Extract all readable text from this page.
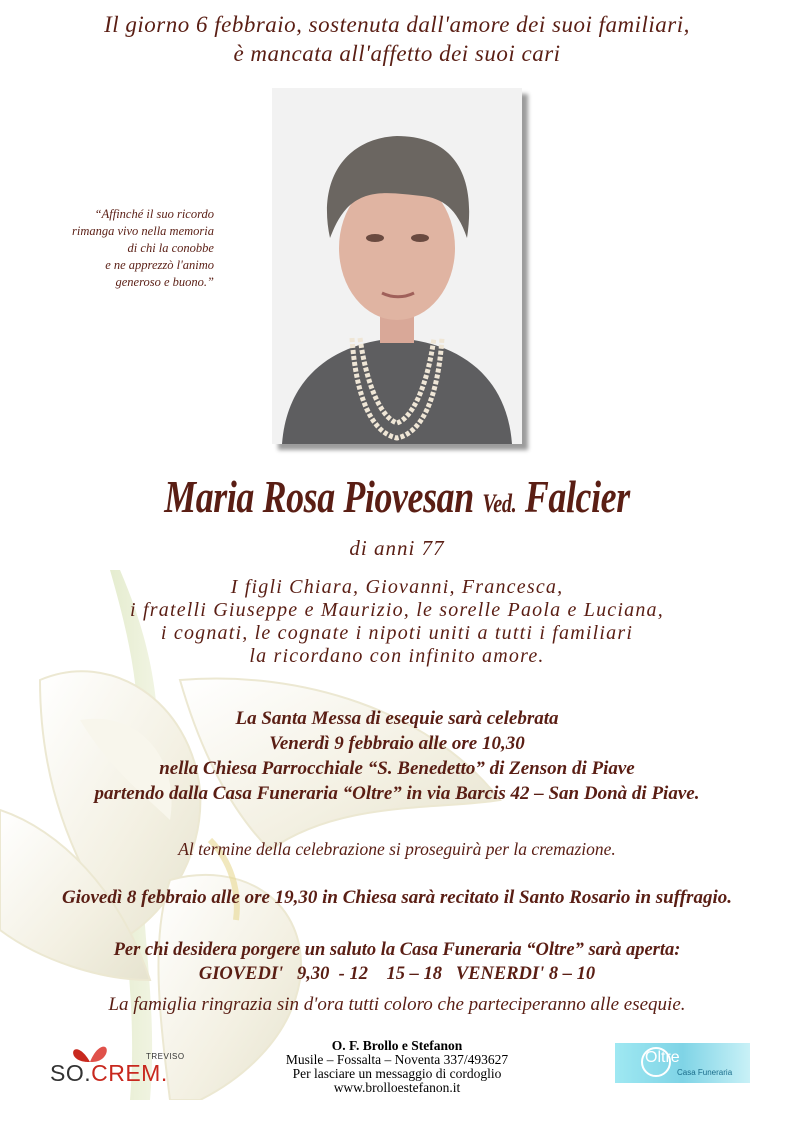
Il giorno 6 febbraio, sostenuta dall'amore dei suoi familiari,
è mancata all'affetto dei suoi cari
“Affinché il suo ricordo
rimanga vivo nella memoria
di chi la conobbe
e ne apprezzò l'animo
generoso e buono.”
Maria Rosa Piovesan Ved. Falcier
di anni 77
I figli Chiara, Giovanni, Francesca,
i fratelli Giuseppe e Maurizio, le sorelle Paola e Luciana,
i cognati, le cognate i nipoti uniti a tutti i familiari
la ricordano con infinito amore.
La Santa Messa di esequie sarà celebrata
Venerdì 9 febbraio alle ore 10,30
nella Chiesa Parrocchiale “S. Benedetto” di Zenson di Piave
partendo dalla Casa Funeraria “Oltre” in via Barcis 42 – San Donà di Piave.
Al termine della celebrazione si proseguirà per la cremazione.
Giovedì 8 febbraio alle ore 19,30 in Chiesa sarà recitato il Santo Rosario in suffragio.
Per chi desidera porgere un saluto la Casa Funeraria “Oltre” sarà aperta:
GIOVEDI'   9,30  - 12    15 – 18   VENERDI' 8 – 10
La famiglia ringrazia sin d'ora tutti coloro che parteciperanno alle esequie.
O. F. Brollo e Stefanon
Musile – Fossalta – Noventa 337/493627
Per lasciare un messaggio di cordoglio
www.brolloestefanon.it
TREVISO
SO.CREM.
Oltre
Casa Funeraria
